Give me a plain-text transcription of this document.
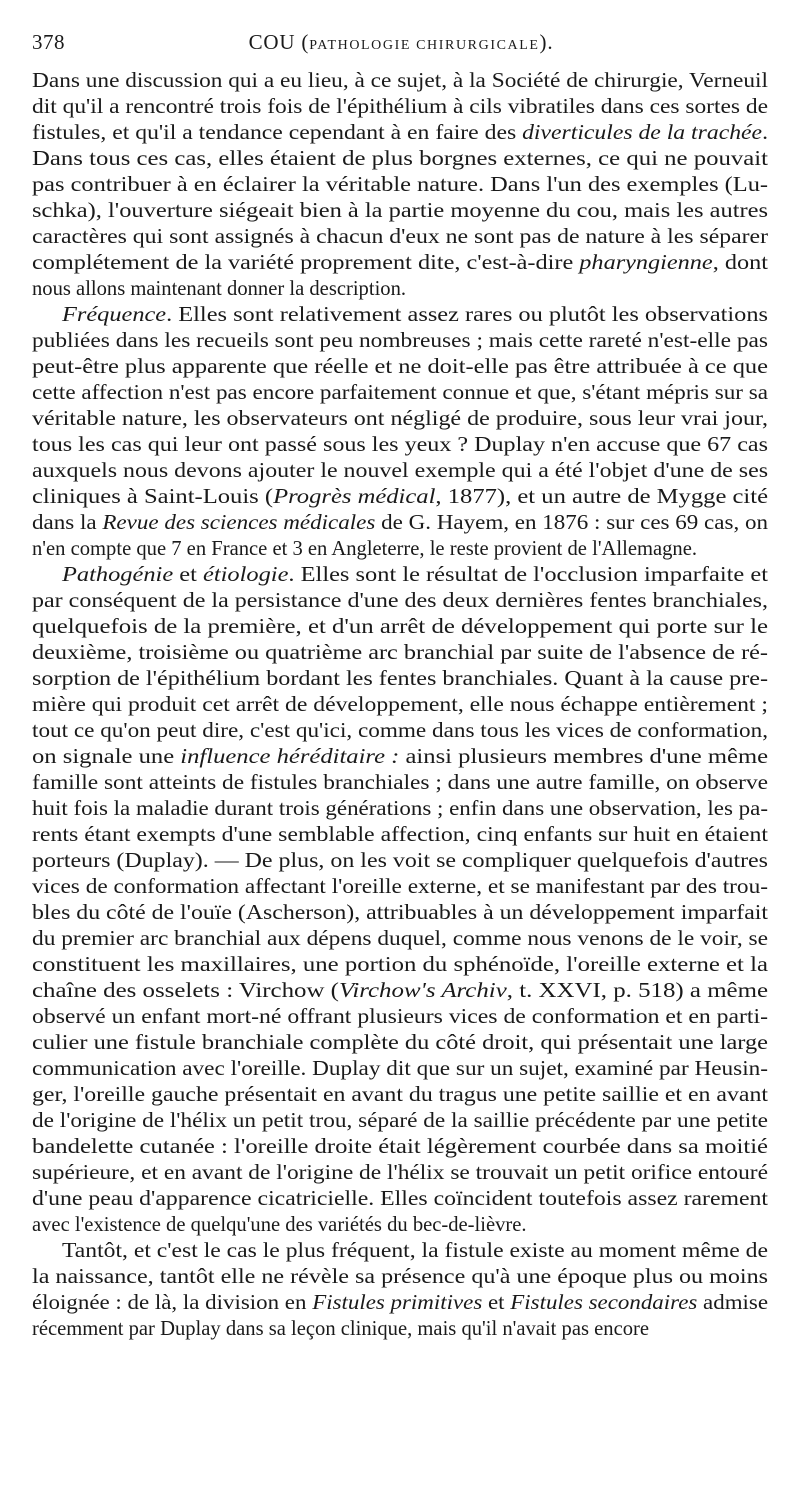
378	COU (PATHOLOGIE CHIRURGICALE).
Dans une discussion qui a eu lieu, à ce sujet, à la Société de chirurgie, Verneuil
dit qu'il a rencontré trois fois de l'épithélium à cils vibratiles dans ces sortes de
fistules, et qu'il a tendance cependant à en faire des diverticules de la trachée.
Dans tous ces cas, elles étaient de plus borgnes externes, ce qui ne pouvait
pas contribuer à en éclairer la véritable nature. Dans l'un des exemples (Lu-
schka), l'ouverture siégeait bien à la partie moyenne du cou, mais les autres
caractères qui sont assignés à chacun d'eux ne sont pas de nature à les séparer
complétement de la variété proprement dite, c'est-à-dire pharyngienne, dont
nous allons maintenant donner la description.
Fréquence. Elles sont relativement assez rares ou plutôt les observations
publiées dans les recueils sont peu nombreuses ; mais cette rareté n'est-elle pas
peut-être plus apparente que réelle et ne doit-elle pas être attribuée à ce que
cette affection n'est pas encore parfaitement connue et que, s'étant mépris sur sa
véritable nature, les observateurs ont négligé de produire, sous leur vrai jour,
tous les cas qui leur ont passé sous les yeux ? Duplay n'en accuse que 67 cas
auxquels nous devons ajouter le nouvel exemple qui a été l'objet d'une de ses
cliniques à Saint-Louis (Progrès médical, 1877), et un autre de Mygge cité
dans la Revue des sciences médicales de G. Hayem, en 1876 : sur ces 69 cas, on
n'en compte que 7 en France et 3 en Angleterre, le reste provient de l'Allemagne.
Pathogénie et étiologie. Elles sont le résultat de l'occlusion imparfaite et
par conséquent de la persistance d'une des deux dernières fentes branchiales,
quelquefois de la première, et d'un arrêt de développement qui porte sur le
deuxième, troisième ou quatrième arc branchial par suite de l'absence de ré-
sorption de l'épithélium bordant les fentes branchiales. Quant à la cause pre-
mière qui produit cet arrêt de développement, elle nous échappe entièrement ;
tout ce qu'on peut dire, c'est qu'ici, comme dans tous les vices de conformation,
on signale une influence héréditaire : ainsi plusieurs membres d'une même
famille sont atteints de fistules branchiales ; dans une autre famille, on observe
huit fois la maladie durant trois générations ; enfin dans une observation, les pa-
rents étant exempts d'une semblable affection, cinq enfants sur huit en étaient
porteurs (Duplay). — De plus, on les voit se compliquer quelquefois d'autres
vices de conformation affectant l'oreille externe, et se manifestant par des trou-
bles du côté de l'ouïe (Ascherson), attribuables à un développement imparfait
du premier arc branchial aux dépens duquel, comme nous venons de le voir, se
constituent les maxillaires, une portion du sphénoïde, l'oreille externe et la
chaîne des osselets : Virchow (Virchow's Archiv, t. XXVI, p. 518) a même
observé un enfant mort-né offrant plusieurs vices de conformation et en parti-
culier une fistule branchiale complète du côté droit, qui présentait une large
communication avec l'oreille. Duplay dit que sur un sujet, examiné par Heusin-
ger, l'oreille gauche présentait en avant du tragus une petite saillie et en avant
de l'origine de l'hélix un petit trou, séparé de la saillie précédente par une petite
bandelette cutanée : l'oreille droite était légèrement courbée dans sa moitié
supérieure, et en avant de l'origine de l'hélix se trouvait un petit orifice entouré
d'une peau d'apparence cicatricielle. Elles coïncident toutefois assez rarement
avec l'existence de quelqu'une des variétés du bec-de-lièvre.
Tantôt, et c'est le cas le plus fréquent, la fistule existe au moment même de
la naissance, tantôt elle ne révèle sa présence qu'à une époque plus ou moins
éloignée : de là, la division en Fistules primitives et Fistules secondaires admise
récemment par Duplay dans sa leçon clinique, mais qu'il n'avait pas encore
